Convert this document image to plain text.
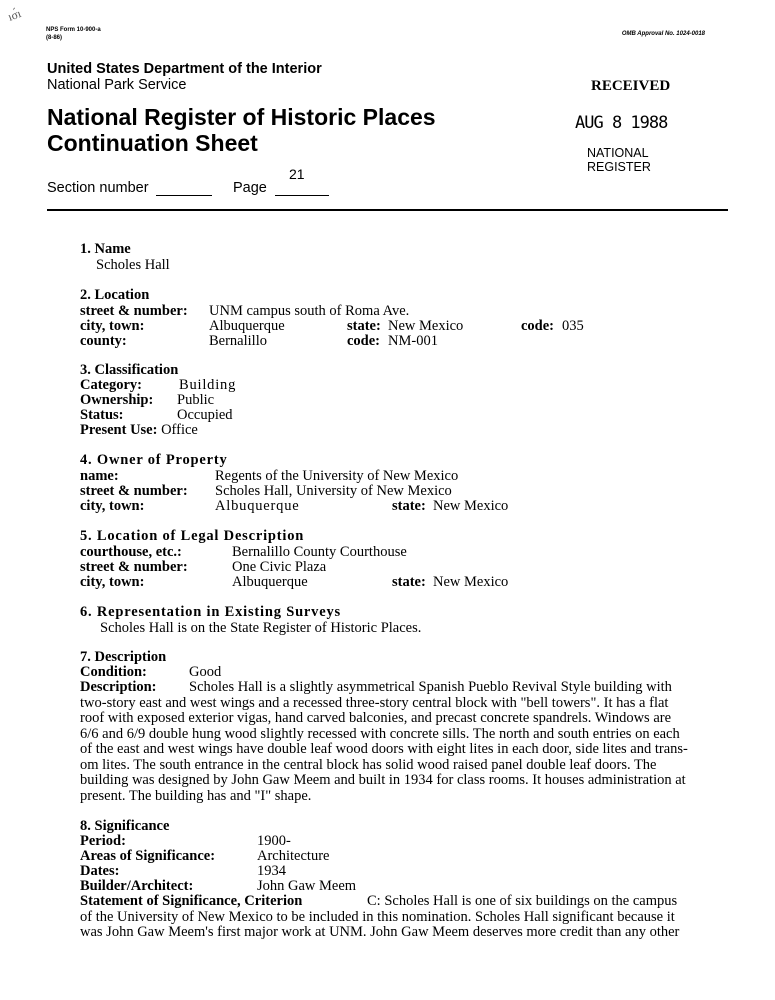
ıσ́ı
NPS Form 10-900-a
(8-86)
OMB Approval No. 1024-0018
United States Department of the Interior
National Park Service
National Register of Historic Places
Continuation Sheet
21
Section number	Page
RECEIVED
AUG 8 1988
NATIONAL
REGISTER
1. Name
Scholes Hall
2. Location
street & number: UNM campus south of Roma Ave.
city, town:	Albuquerque	state: New Mexico	code: 035
county:	Bernalillo	code: NM-001
3. Classification
Category:	Building
Ownership: Public
Status:	Occupied
Present Use: Office
4. Owner of Property
name:	Regents of the University of New Mexico
street & number: Scholes Hall, University of New Mexico
city, town:	Albuquerque	state: New Mexico
5. Location of Legal Description
courthouse, etc.:	Bernalillo County Courthouse
street & number:	One Civic Plaza
city, town:	Albuquerque	state: New Mexico
6. Representation in Existing Surveys
Scholes Hall is on the State Register of Historic Places.
7. Description
Condition:	Good
Description: Scholes Hall is a slightly asymmetrical Spanish Pueblo Revival Style building with
two-story east and west wings and a recessed three-story central block with "bell towers". It has a flat
roof with exposed exterior vigas, hand carved balconies, and precast concrete spandrels. Windows are
6/6 and 6/9 double hung wood slightly recessed with concrete sills. The north and south entries on each
of the east and west wings have double leaf wood doors with eight lites in each door, side lites and trans-
om lites. The south entrance in the central block has solid wood raised panel double leaf doors. The
building was designed by John Gaw Meem and built in 1934 for class rooms. It houses administration at
present. The building has and "I" shape.
8. Significance
Period:	1900-
Areas of Significance:	Architecture
Dates:	1934
Builder/Architect:	John Gaw Meem
Statement of Significance, Criterion	C: Scholes Hall is one of six buildings on the campus
of the University of New Mexico to be included in this nomination. Scholes Hall significant because it
was John Gaw Meem's first major work at UNM. John Gaw Meem deserves more credit than any other
